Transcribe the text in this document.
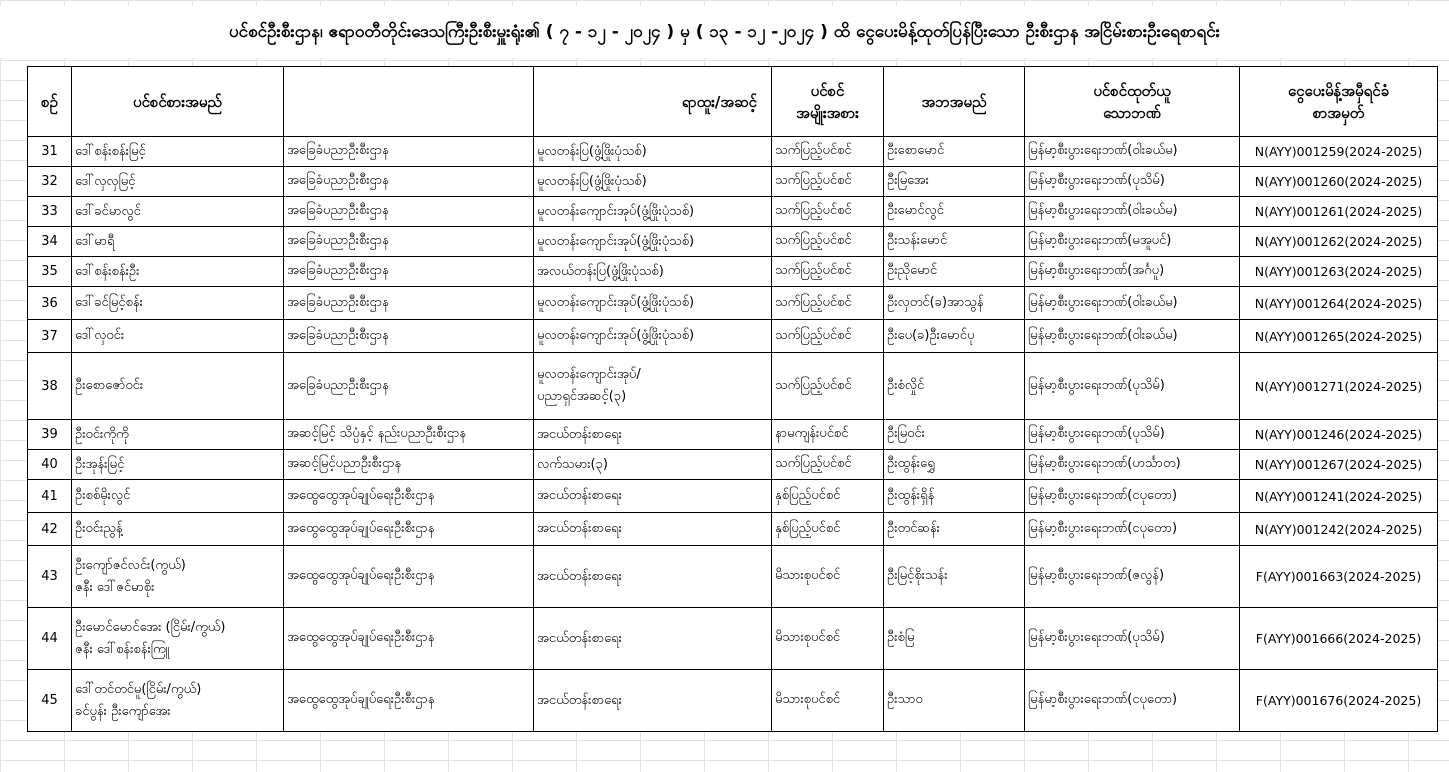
ပင်စင်ဦးစီးဌာန၊ ဧရာဝတီတိုင်းဒေသကြီးဦးစီးမှူးရုံး၏ ( ၇ - ၁၂ - ၂၀၂၄ ) မှ ( ၁၃ - ၁၂ -၂၀၂၄ ) ထိ ငွေပေးမိန့်ထုတ်ပြန်ပြီးသော ဦးစီးဌာန အငြိမ်းစားဦးရေစာရင်း
စဉ်	ပင်စင်စားအမည်		ရာထူး/အဆင့်	ပင်စင်
အမျိုးအစား	အဘအမည်	ပင်စင်ထုတ်ယူ
သောဘဏ်	ငွေပေးမိန့်အမှီရင်ခံ
စာအမှတ်

31	ဒေါ်စန်းစန်းမြင့်	အခြေခံပညာဦးစီးဌာန	မူလတန်းပြ(ဖွံ့ဖြိုးပုံသစ်)	သက်ပြည့်ပင်စင်	ဦးစောမောင်	မြန်မာ့စီးပွားရေးဘဏ်(ဝါးခယ်မ)	N(AYY)001259(2024-2025)
32	ဒေါ်လှလှမြင့်	အခြေခံပညာဦးစီးဌာန	မူလတန်းပြ(ဖွံ့ဖြိုးပုံသစ်)	သက်ပြည့်ပင်စင်	ဦးမြအေး	မြန်မာ့စီးပွားရေးဘဏ်(ပုသိမ်)	N(AYY)001260(2024-2025)
33	ဒေါ်ခင်မာလွင်	အခြေခံပညာဦးစီးဌာန	မူလတန်းကျောင်းအုပ်(ဖွံ့ဖြိုးပုံသစ်)	သက်ပြည့်ပင်စင်	ဦးမောင်လွင်	မြန်မာ့စီးပွားရေးဘဏ်(ဝါးခယ်မ)	N(AYY)001261(2024-2025)
34	ဒေါ်မာရီ	အခြေခံပညာဦးစီးဌာန	မူလတန်းကျောင်းအုပ်(ဖွံ့ဖြိုးပုံသစ်)	သက်ပြည့်ပင်စင်	ဦးသန်းမောင်	မြန်မာ့စီးပွားရေးဘဏ်(မအူပင်)	N(AYY)001262(2024-2025)
35	ဒေါ်စန်းစန်းဦး	အခြေခံပညာဦးစီးဌာန	အလယ်တန်းပြ(ဖွံ့ဖြိုးပုံသစ်)	သက်ပြည့်ပင်စင်	ဦးညိုမောင်	မြန်မာ့စီးပွားရေးဘဏ်(အင်္ဂပူ)	N(AYY)001263(2024-2025)
36	ဒေါ်ခင်မြင့်စန်း	အခြေခံပညာဦးစီးဌာန	မူလတန်းကျောင်းအုပ်(ဖွံ့ဖြိုးပုံသစ်)	သက်ပြည့်ပင်စင်	ဦးလှတင်(ခ)အာသွန်	မြန်မာ့စီးပွားရေးဘဏ်(ဝါးခယ်မ)	N(AYY)001264(2024-2025)
37	ဒေါ်လှဝင်း	အခြေခံပညာဦးစီးဌာန	မူလတန်းကျောင်းအုပ်(ဖွံ့ဖြိုးပုံသစ်)	သက်ပြည့်ပင်စင်	ဦးပေ(ခ)ဦးမောင်ပု	မြန်မာ့စီးပွားရေးဘဏ်(ဝါးခယ်မ)	N(AYY)001265(2024-2025)
38	ဦးစောဇော်ဝင်း	အခြေခံပညာဦးစီးဌာန	မူလတန်းကျောင်းအုပ်/
ပညာရှင်အဆင့်(၃)	သက်ပြည့်ပင်စင်	ဦးစံလှိုင်	မြန်မာ့စီးပွားရေးဘဏ်(ပုသိမ်)	N(AYY)001271(2024-2025)
39	ဦးဝင်းကိုကို	အဆင့်မြင့် သိပ္ပံနှင့် နည်းပညာဦးစီးဌာန	အငယ်တန်းစာရေး	နာမကျန်းပင်စင်	ဦးမြဝင်း	မြန်မာ့စီးပွားရေးဘဏ်(ပုသိမ်)	N(AYY)001246(2024-2025)
40	ဦးအုန်းမြင့်	အဆင့်မြင့်ပညာဦးစီးဌာန	လက်သမား(၃)	သက်ပြည့်ပင်စင်	ဦးထွန်းရွှေ	မြန်မာ့စီးပွားရေးဘဏ်(ဟင်္သာတ)	N(AYY)001267(2024-2025)
41	ဦးစစ်မိုးလွင်	အထွေထွေအုပ်ချုပ်ရေးဦးစီးဌာန	အငယ်တန်းစာရေး	နှစ်ပြည့်ပင်စင်	ဦးထွန်းရှိန်	မြန်မာ့စီးပွားရေးဘဏ်(ငပုတော)	N(AYY)001241(2024-2025)
42	ဦးဝင်းညွန့်	အထွေထွေအုပ်ချုပ်ရေးဦးစီးဌာန	အငယ်တန်းစာရေး	နှစ်ပြည့်ပင်စင်	ဦးတင်ဆန်း	မြန်မာ့စီးပွားရေးဘဏ်(ငပုတော)	N(AYY)001242(2024-2025)
43	ဦးကျော်ဇင်လင်း(ကွယ်)
ဇနီး ဒေါ်ဇင်မာစိုး	အထွေထွေအုပ်ချုပ်ရေးဦးစီးဌာန	အငယ်တန်းစာရေး	မိသားစုပင်စင်	ဦးမြင့်စိုးသန်း	မြန်မာ့စီးပွားရေးဘဏ်(ဇလွန်)	F(AYY)001663(2024-2025)
44	ဦးမောင်မောင်အေး (ငြိမ်း/ကွယ်)
ဇနီး ဒေါ်စန်းစန်းကြူ	အထွေထွေအုပ်ချုပ်ရေးဦးစီးဌာန	အငယ်တန်းစာရေး	မိသားစုပင်စင်	ဦးစံမြ	မြန်မာ့စီးပွားရေးဘဏ်(ပုသိမ်)	F(AYY)001666(2024-2025)
45	ဒေါ်တင်တင်မူ(ငြိမ်း/ကွယ်)
ခင်ပွန်း ဦးကျော်အေး	အထွေထွေအုပ်ချုပ်ရေးဦးစီးဌာန	အငယ်တန်းစာရေး	မိသားစုပင်စင်	ဦးသာဝ	မြန်မာ့စီးပွားရေးဘဏ်(ငပုတော)	F(AYY)001676(2024-2025)
